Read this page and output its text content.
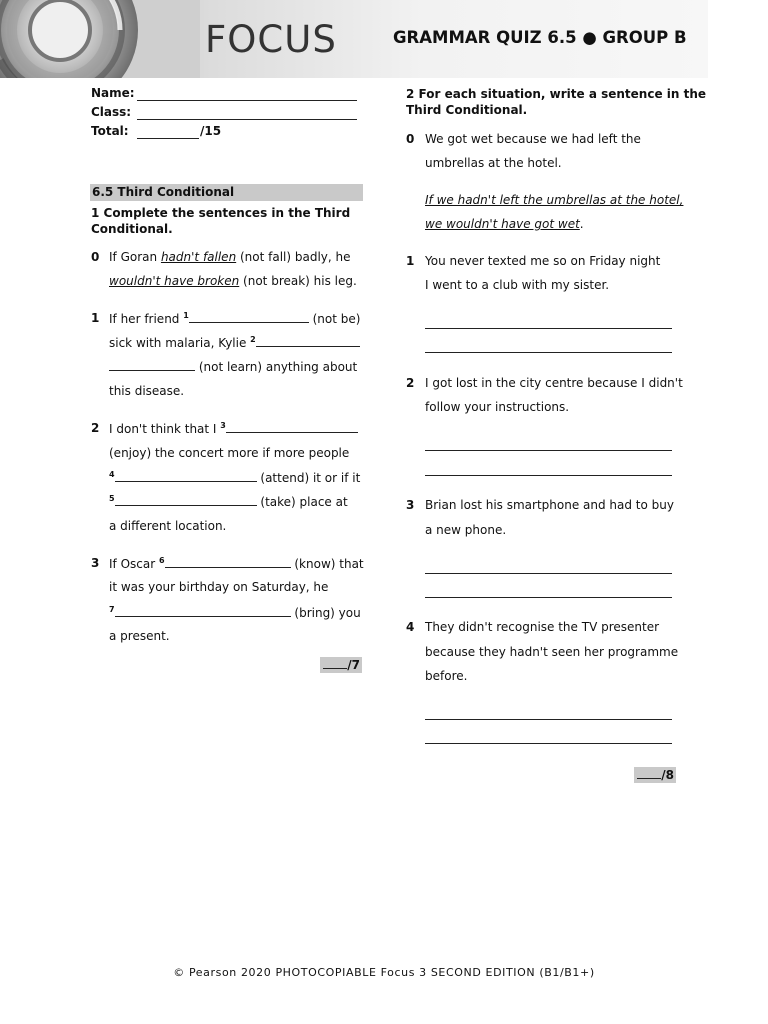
FOCUS	GRAMMAR QUIZ 6.5 ● GROUP B
Name:
Class:
Total:	/15
6.5 Third Conditional
1 Complete the sentences in the Third
Conditional.
0 If Goran hadn't fallen (not fall) badly, he
wouldn't have broken (not break) his leg.
1 If her friend $^1$	(not be)
sick with malaria, Kylie $^2$
(not learn) anything about
this disease.
2 I don't think that I $^3$
(enjoy) the concert more if more people
$^4$	(attend) it or if it
$^5$	(take) place at
a different location.
3 If Oscar $^6$	(know) that
it was your birthday on Saturday, he
$^7$	(bring) you
a present.
/7
2 For each situation, write a sentence in the
Third Conditional.
0 We got wet because we had left the
umbrellas at the hotel.
If we hadn't left the umbrellas at the hotel,
we wouldn't have got wet.
1 You never texted me so on Friday night
I went to a club with my sister.
2 I got lost in the city centre because I didn't
follow your instructions.
3 Brian lost his smartphone and had to buy
a new phone.
4 They didn't recognise the TV presenter
because they hadn't seen her programme
before.
/8
© Pearson 2020 PHOTOCOPIABLE Focus 3 SECOND EDITION (B1/B1+)
